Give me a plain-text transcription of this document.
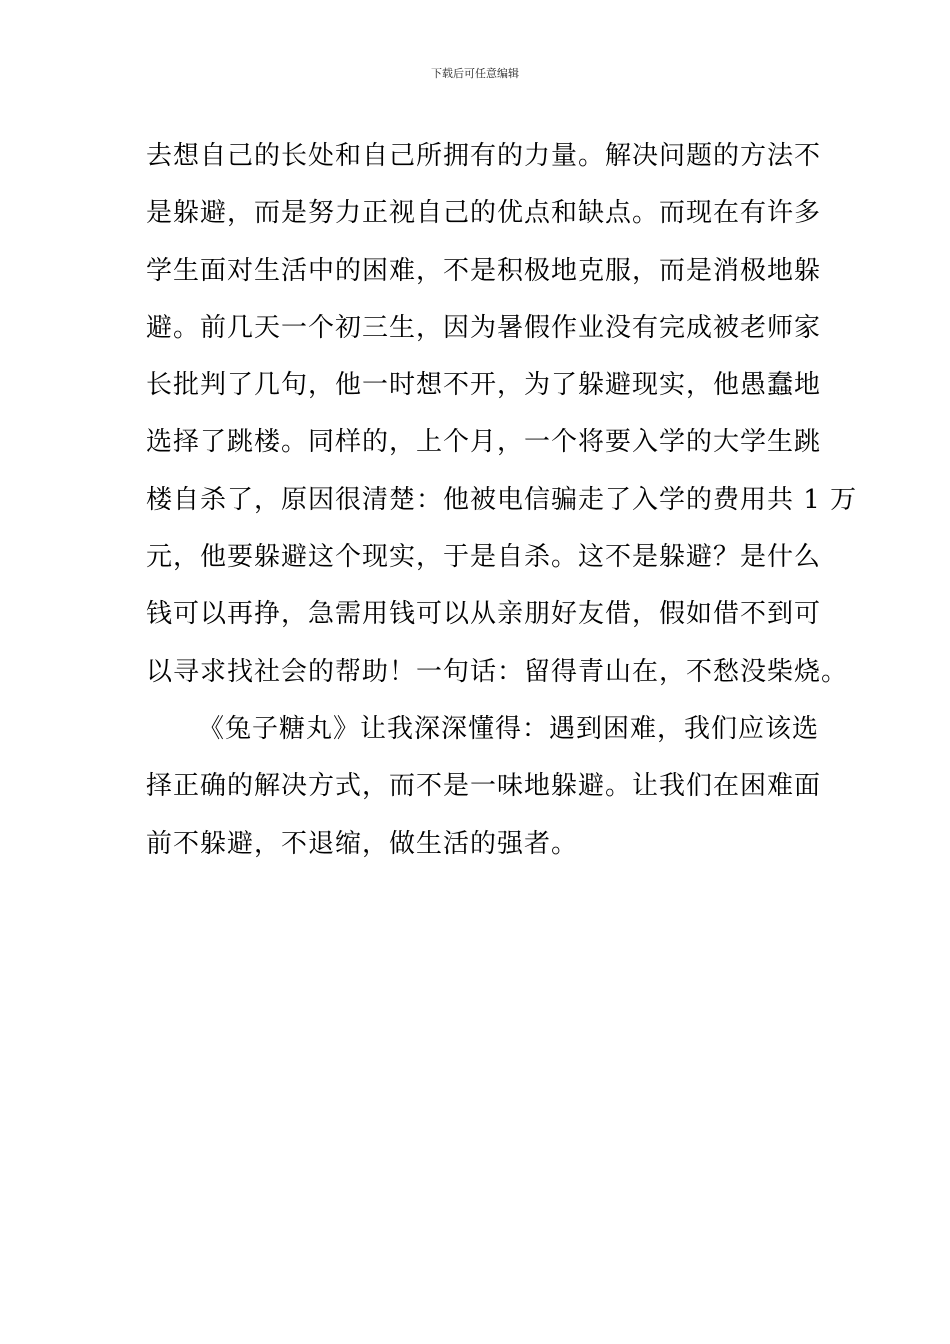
下载后可任意编辑
去想自己的长处和自己所拥有的力量。解决问题的方法不
是躲避，而是努力正视自己的优点和缺点。而现在有许多
学生面对生活中的困难，不是积极地克服，而是消极地躲
避。前几天一个初三生，因为暑假作业没有完成被老师家
长批判了几句，他一时想不开，为了躲避现实，他愚蠢地
选择了跳楼。同样的，上个月，一个将要入学的大学生跳
楼自杀了，原因很清楚：他被电信骗走了入学的费用共 1 万
元，他要躲避这个现实，于是自杀。这不是躲避？是什么
钱可以再挣，急需用钱可以从亲朋好友借，假如借不到可
以寻求找社会的帮助！一句话：留得青山在，不愁没柴烧。
《兔子糖丸》让我深深懂得：遇到困难，我们应该选
择正确的解决方式，而不是一味地躲避。让我们在困难面
前不躲避，不退缩，做生活的强者。
